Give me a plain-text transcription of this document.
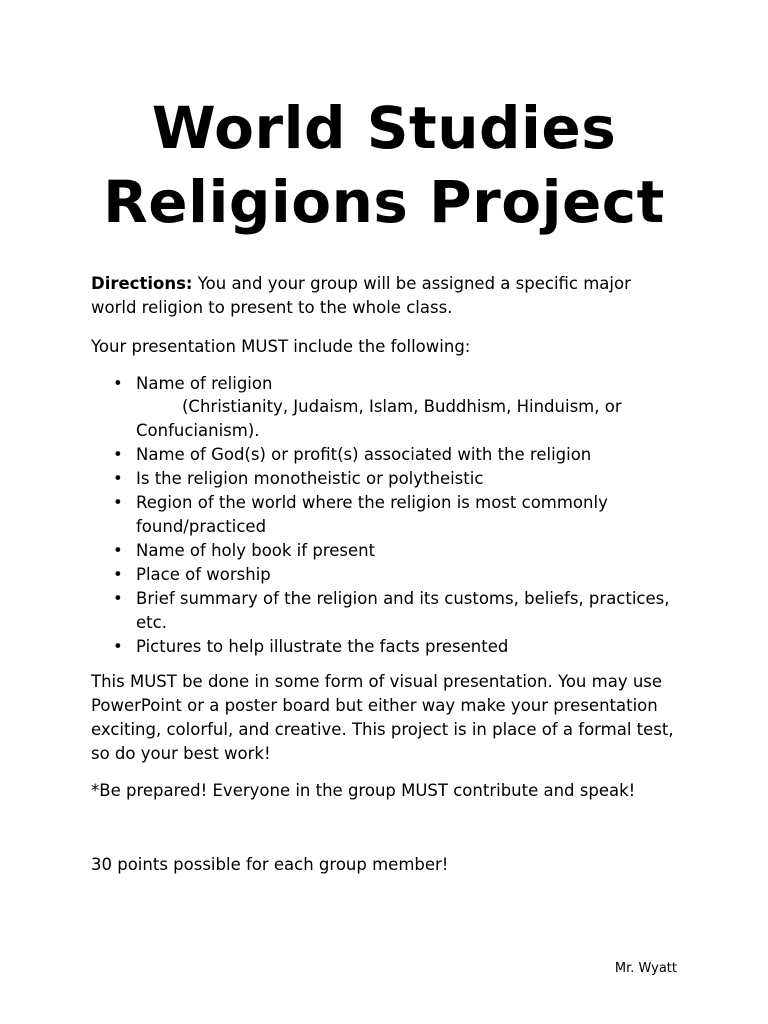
World Studies
Religions Project

Directions: You and your group will be assigned a specific major world religion to present to the whole class.

Your presentation MUST include the following:

• Name of religion
(Christianity, Judaism, Islam, Buddhism, Hinduism, or
Confucianism).
• Name of God(s) or profit(s) associated with the religion
• Is the religion monotheistic or polytheistic
• Region of the world where the religion is most commonly found/practiced
• Name of holy book if present
• Place of worship
• Brief summary of the religion and its customs, beliefs, practices, etc.
• Pictures to help illustrate the facts presented

This MUST be done in some form of visual presentation. You may use PowerPoint or a poster board but either way make your presentation exciting, colorful, and creative. This project is in place of a formal test, so do your best work!

*Be prepared! Everyone in the group MUST contribute and speak!

30 points possible for each group member!

Mr. Wyatt
